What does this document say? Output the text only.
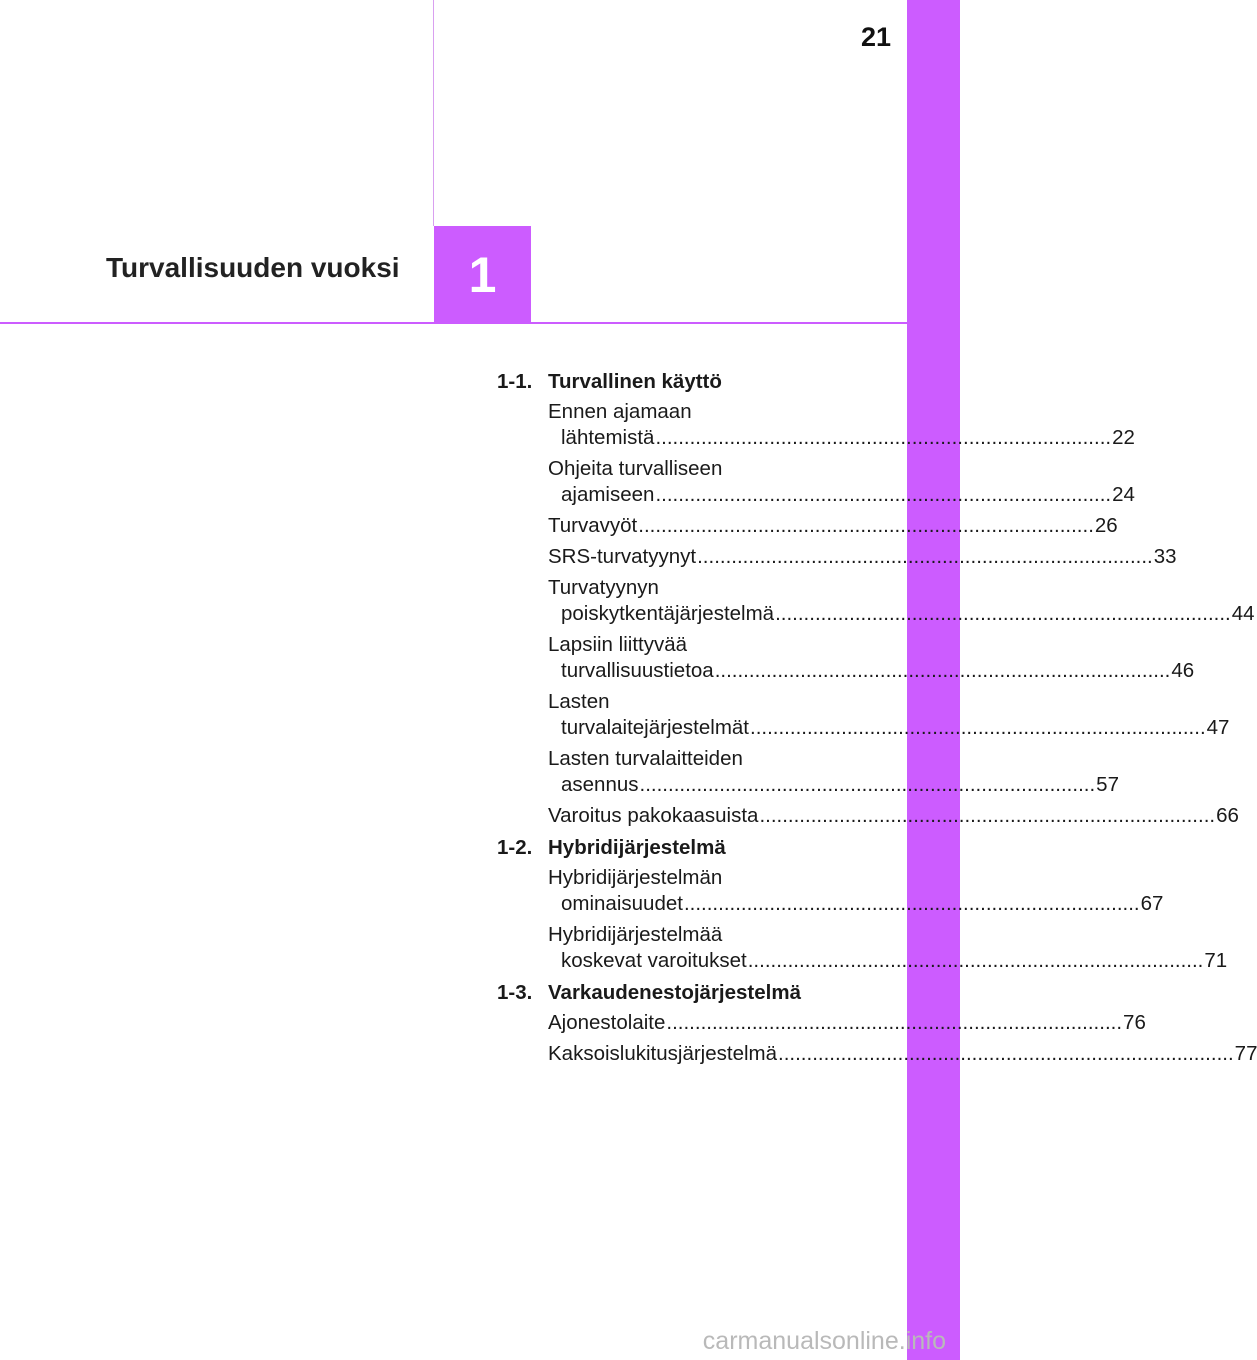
21
Turvallisuuden vuoksi 1
1-1. Turvallinen käyttö
Ennen ajamaan
lähtemistä ................................................................................ 22
Ohjeita turvalliseen
ajamiseen ................................................................................ 24
Turvavyöt ................................................................................ 26
SRS-turvatyynyt ................................................................................ 33
Turvatyynyn
poiskytkentäjärjestelmä ................................................................................ 44
Lapsiin liittyvää
turvallisuustietoa ................................................................................ 46
Lasten
turvalaitejärjestelmät ................................................................................ 47
Lasten turvalaitteiden
asennus ................................................................................ 57
Varoitus pakokaasuista ................................................................................ 66
1-2. Hybridijärjestelmä
Hybridijärjestelmän
ominaisuudet ................................................................................ 67
Hybridijärjestelmää
koskevat varoitukset ................................................................................ 71
1-3. Varkaudenestojärjestelmä
Ajonestolaite ................................................................................ 76
Kaksoislukitusjärjestelmä ................................................................................ 77
carmanualsonline.info
